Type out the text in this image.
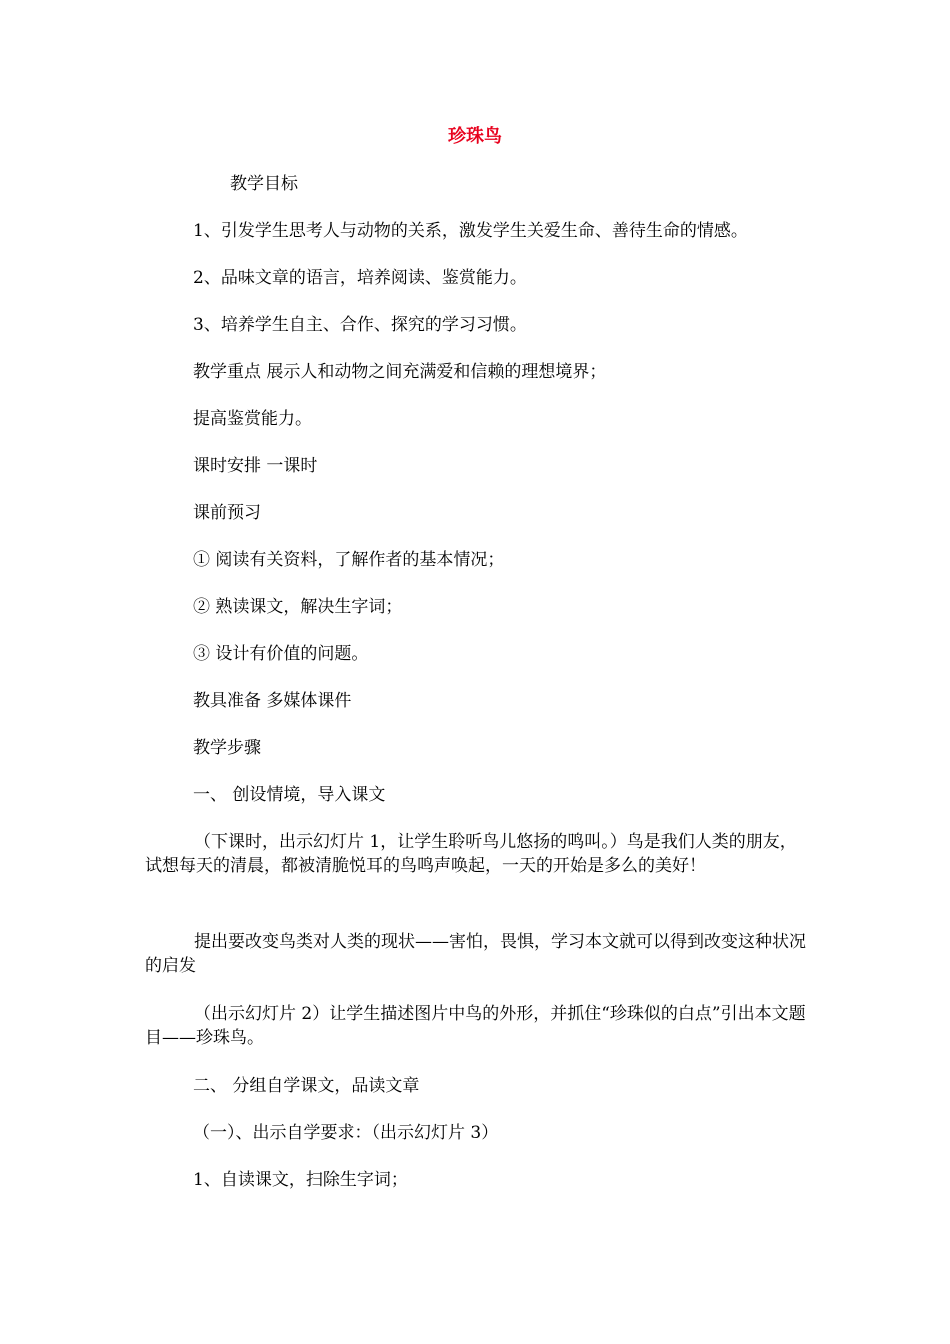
珍珠鸟

教学目标

1、引发学生思考人与动物的关系，激发学生关爱生命、善待生命的情感。

2、品味文章的语言，培养阅读、鉴赏能力。

3、培养学生自主、合作、探究的学习习惯。

教学重点 展示人和动物之间充满爱和信赖的理想境界；

提高鉴赏能力。

课时安排 一课时

课前预习

① 阅读有关资料，了解作者的基本情况；

② 熟读课文，解决生字词；

③ 设计有价值的问题。

教具准备 多媒体课件

教学步骤

一、 创设情境，导入课文

（下课时，出示幻灯片 1，让学生聆听鸟儿悠扬的鸣叫。）鸟是我们人类的朋友，试想每天的清晨，都被清脆悦耳的鸟鸣声唤起，一天的开始是多么的美好！

提出要改变鸟类对人类的现状——害怕，畏惧，学习本文就可以得到改变这种状况的启发

（出示幻灯片 2）让学生描述图片中鸟的外形，并抓住“珍珠似的白点”引出本文题目——珍珠鸟。

二、 分组自学课文，品读文章

（一）、出示自学要求：（出示幻灯片 3）

1、自读课文，扫除生字词；
